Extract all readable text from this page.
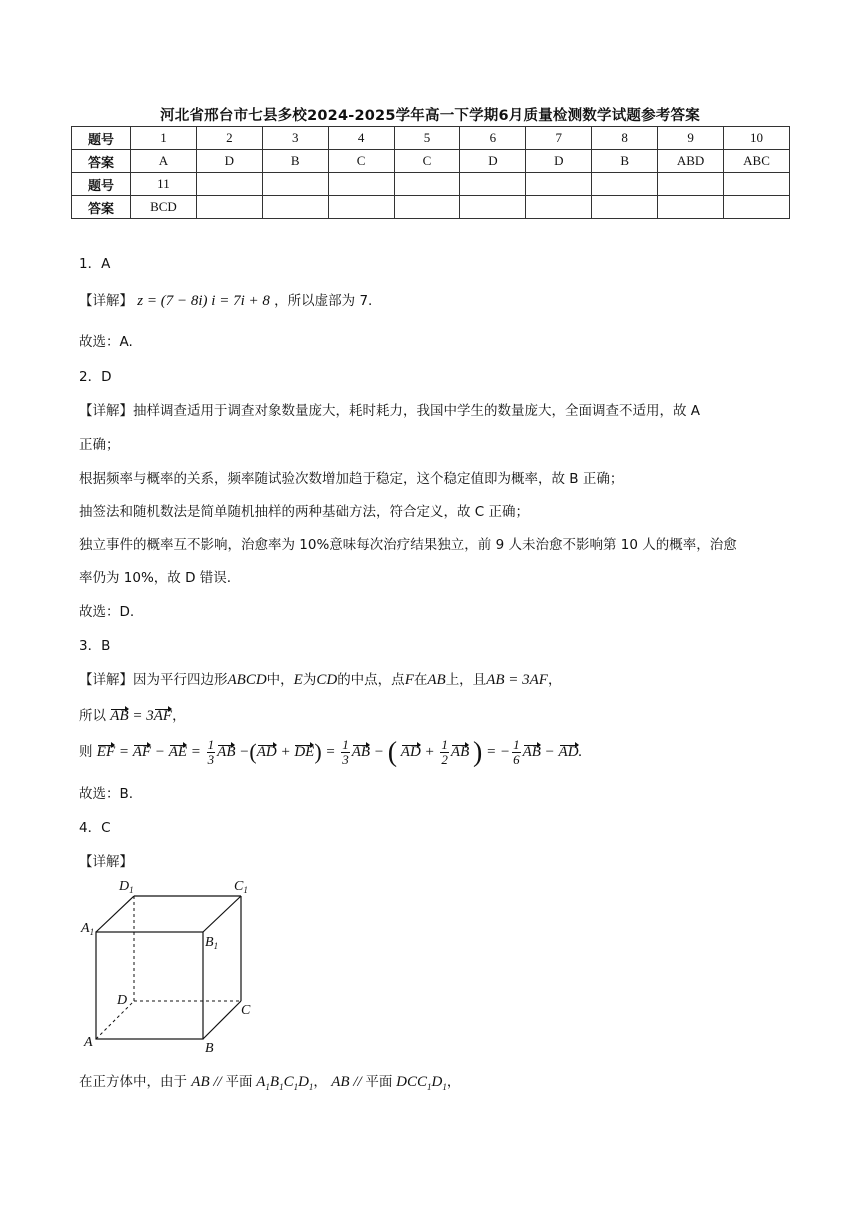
河北省邢台市七县多校2024-2025学年高一下学期6月质量检测数学试题参考答案
题号	1	2	3	4	5	6	7	8	9	10
答案	A	D	B	C	C	D	D	B	ABD	ABC
题号	11									
答案	BCD									
1．A
【详解】 z = (7 − 8i) i = 7i + 8 ，所以虚部为 7.
故选：A.
2．D
【详解】抽样调查适用于调查对象数量庞大，耗时耗力，我国中学生的数量庞大，全面调查不适用，故 A
正确；
根据频率与概率的关系，频率随试验次数增加趋于稳定，这个稳定值即为概率，故 B 正确；
抽签法和随机数法是简单随机抽样的两种基础方法，符合定义，故 C 正确；
独立事件的概率互不影响，治愈率为 10%意味每次治疗结果独立，前 9 人未治愈不影响第 10 人的概率，治愈
率仍为 10%，故 D 错误.
故选：D.
3．B
【详解】因为平行四边形ABCD中，E为CD的中点，点F在AB上，且AB = 3AF，
所以 AB = 3AF，
则 EF = AF − AE = $\frac{1}{3}$ AB $-(AD + DE) = \frac{1}{3}$ AB − ( AD + $\frac{1}{2}$ AB ) = − $\frac{1}{6}$ AB − AD.
故选：B.
4．C
【详解】
$D_1$	$C_1$
$A_1$
$B_1$
D
C
A	B
在正方体中，由于 AB // 平面 $A_1B_1C_1D_1$， AB // 平面 $DCC_1D_1$，
